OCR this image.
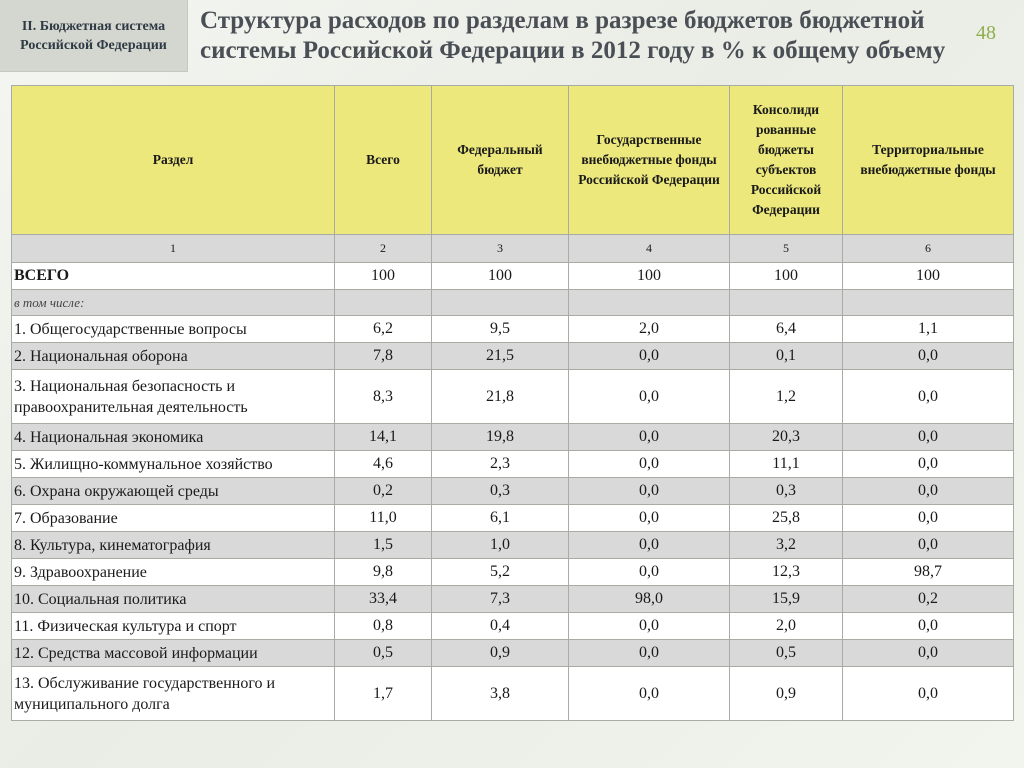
II. Бюджетная система
Российской Федерации
Структура расходов по разделам в разрезе бюджетов бюджетной системы Российской Федерации в 2012 году в % к общему объему
48
Раздел	Всего	Федеральный бюджет	Государственные внебюджетные фонды Российской Федерации	Консолиди рованные бюджеты субъектов Российской Федерации	Территориальные внебюджетные фонды
1	2	3	4	5	6
ВСЕГО	100	100	100	100	100
в том числе:					
1. Общегосударственные вопросы	6,2	9,5	2,0	6,4	1,1
2. Национальная оборона	7,8	21,5	0,0	0,1	0,0
3. Национальная безопасность и правоохранительная деятельность	8,3	21,8	0,0	1,2	0,0
4. Национальная экономика	14,1	19,8	0,0	20,3	0,0
5. Жилищно-коммунальное хозяйство	4,6	2,3	0,0	11,1	0,0
6. Охрана окружающей среды	0,2	0,3	0,0	0,3	0,0
7. Образование	11,0	6,1	0,0	25,8	0,0
8. Культура, кинематография	1,5	1,0	0,0	3,2	0,0
9. Здравоохранение	9,8	5,2	0,0	12,3	98,7
10. Социальная политика	33,4	7,3	98,0	15,9	0,2
11. Физическая культура и спорт	0,8	0,4	0,0	2,0	0,0
12. Средства массовой информации	0,5	0,9	0,0	0,5	0,0
13. Обслуживание государственного и муниципального долга	1,7	3,8	0,0	0,9	0,0
